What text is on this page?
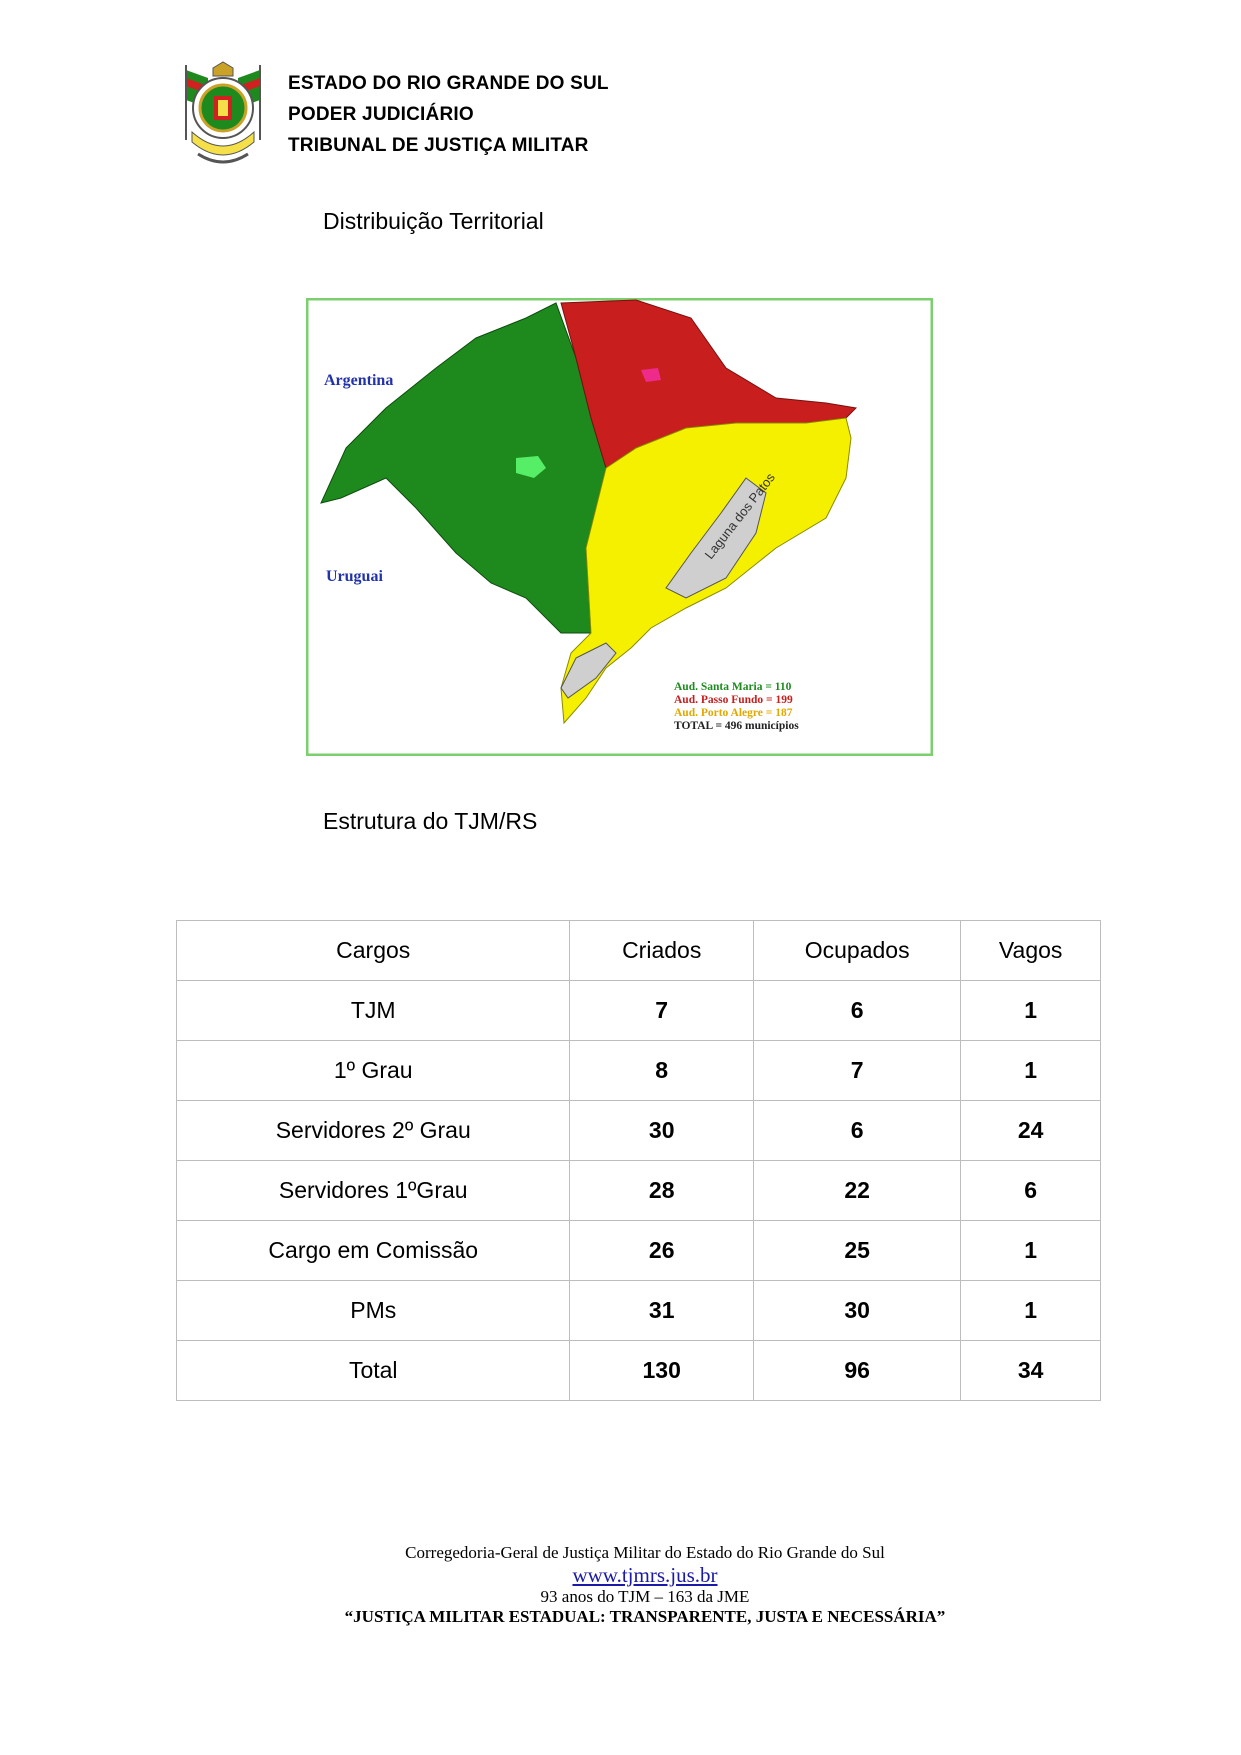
ESTADO DO RIO GRANDE DO SUL
PODER JUDICIÁRIO
TRIBUNAL DE JUSTIÇA MILITAR
Distribuição Territorial
Laguna dos Patos
Argentina
Uruguai
Aud. Santa Maria = 110
Aud. Passo Fundo = 199
Aud. Porto Alegre = 187
TOTAL = 496 municípios
Estrutura do TJM/RS
Cargos	Criados	Ocupados	Vagos
TJM	7	6	1
1º Grau	8	7	1
Servidores 2º Grau	30	6	24
Servidores 1ºGrau	28	22	6
Cargo em Comissão	26	25	1
PMs	31	30	1
Total	130	96	34
Corregedoria-Geral de Justiça Militar do Estado do Rio Grande do Sul
www.tjmrs.jus.br
93 anos do TJM – 163 da JME
“JUSTIÇA MILITAR ESTADUAL: TRANSPARENTE, JUSTA E NECESSÁRIA”
